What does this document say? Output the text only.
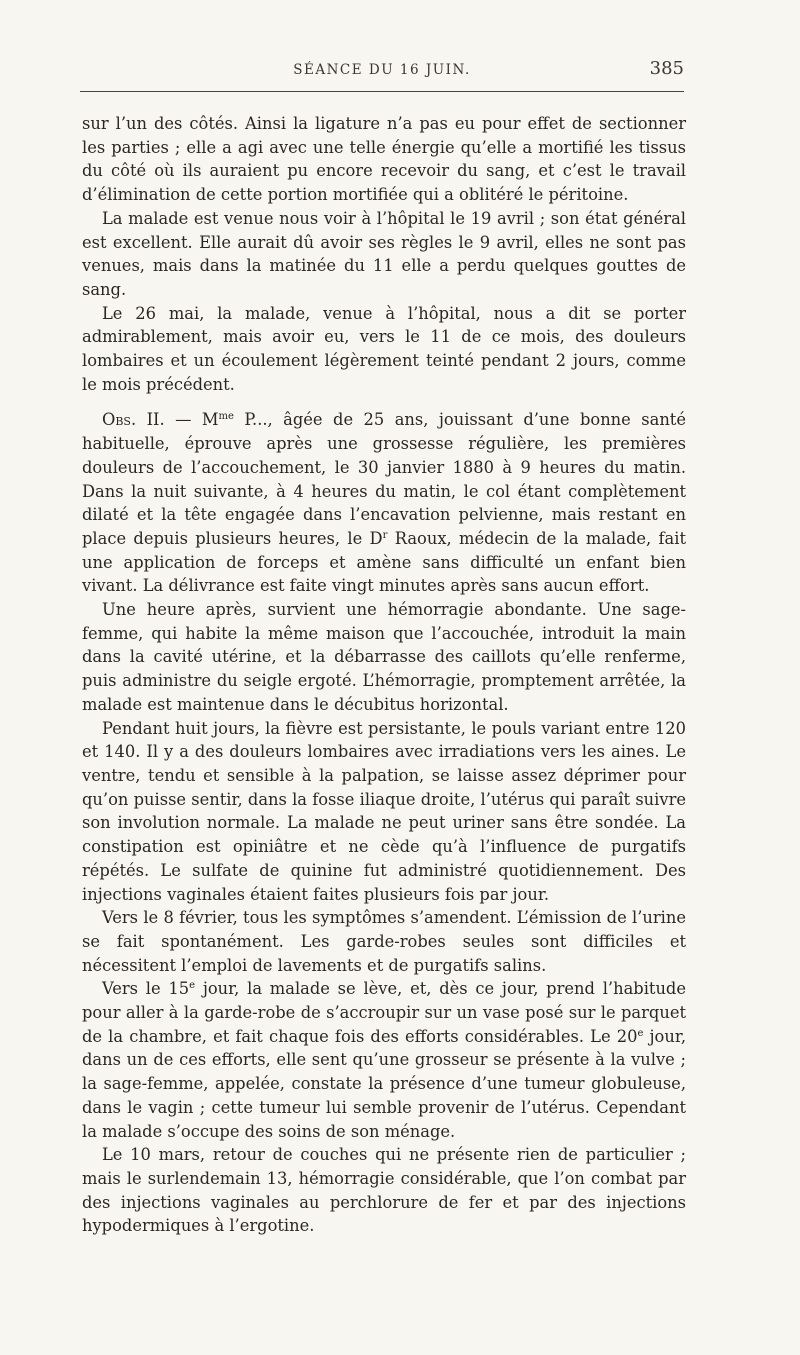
SÉANCE DU 16 JUIN.	385

sur l’un des côtés. Ainsi la ligature n’a pas eu pour effet de sectionner les parties ; elle a agi avec une telle énergie qu’elle a mortifié les tissus du côté où ils auraient pu encore recevoir du sang, et c’est le travail d’élimination de cette portion mortifiée qui a oblitéré le péritoine.

La malade est venue nous voir à l’hôpital le 19 avril ; son état général est excellent. Elle aurait dû avoir ses règles le 9 avril, elles ne sont pas venues, mais dans la matinée du 11 elle a perdu quelques gouttes de sang.

Le 26 mai, la malade, venue à l’hôpital, nous a dit se porter admirablement, mais avoir eu, vers le 11 de ce mois, des douleurs lombaires et un écoulement légèrement teinté pendant 2 jours, comme le mois précédent.

Obs. II. — $M^{me}$ P..., âgée de 25 ans, jouissant d’une bonne santé habituelle, éprouve après une grossesse régulière, les premières douleurs de l’accouchement, le 30 janvier 1880 à 9 heures du matin. Dans la nuit suivante, à 4 heures du matin, le col étant complètement dilaté et la tête engagée dans l’encavation pelvienne, mais restant en place depuis plusieurs heures, le $D^r$ Raoux, médecin de la malade, fait une application de forceps et amène sans difficulté un enfant bien vivant. La délivrance est faite vingt minutes après sans aucun effort.

Une heure après, survient une hémorragie abondante. Une sage-femme, qui habite la même maison que l’accouchée, introduit la main dans la cavité utérine, et la débarrasse des caillots qu’elle renferme, puis administre du seigle ergoté. L’hémorragie, promptement arrêtée, la malade est maintenue dans le décubitus horizontal.

Pendant huit jours, la fièvre est persistante, le pouls variant entre 120 et 140. Il y a des douleurs lombaires avec irradiations vers les aines. Le ventre, tendu et sensible à la palpation, se laisse assez déprimer pour qu’on puisse sentir, dans la fosse iliaque droite, l’utérus qui paraît suivre son involution normale. La malade ne peut uriner sans être sondée. La constipation est opiniâtre et ne cède qu’à l’influence de purgatifs répétés. Le sulfate de quinine fut administré quotidiennement. Des injections vaginales étaient faites plusieurs fois par jour.

Vers le 8 février, tous les symptômes s’amendent. L’émission de l’urine se fait spontanément. Les garde-robes seules sont difficiles et nécessitent l’emploi de lavements et de purgatifs salins.

Vers le 15e jour, la malade se lève, et, dès ce jour, prend l’habitude pour aller à la garde-robe de s’accroupir sur un vase posé sur le parquet de la chambre, et fait chaque fois des efforts considérables. Le 20e jour, dans un de ces efforts, elle sent qu’une grosseur se présente à la vulve ; la sage-femme, appelée, constate la présence d’une tumeur globuleuse, dans le vagin ; cette tumeur lui semble provenir de l’utérus. Cependant la malade s’occupe des soins de son ménage.

Le 10 mars, retour de couches qui ne présente rien de particulier ; mais le surlendemain 13, hémorragie considérable, que l’on combat par des injections vaginales au perchlorure de fer et par des injections hypodermiques à l’ergotine.
